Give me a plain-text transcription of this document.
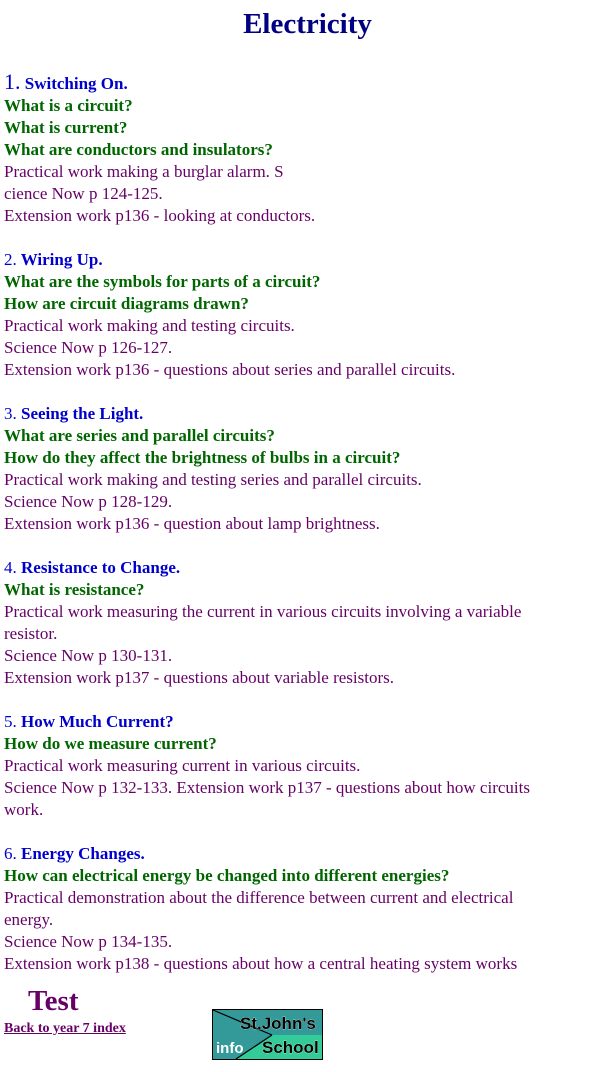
Electricity
1. Switching On.
What is a circuit?
What is current?
What are conductors and insulators?
Practical work making a burglar alarm. S
cience Now p 124-125.
Extension work p136 - looking at conductors.
2. Wiring Up.
What are the symbols for parts of a circuit?
How are circuit diagrams drawn?
Practical work making and testing circuits.
Science Now p 126-127.
Extension work p136 - questions about series and parallel circuits.
3. Seeing the Light.
What are series and parallel circuits?
How do they affect the brightness of bulbs in a circuit?
Practical work making and testing series and parallel circuits.
Science Now p 128-129.
Extension work p136 - question about lamp brightness.
4. Resistance to Change.
What is resistance?
Practical work measuring the current in various circuits involving a variable
resistor.
Science Now p 130-131.
Extension work p137 - questions about variable resistors.
5. How Much Current?
How do we measure current?
Practical work measuring current in various circuits.
Science Now p 132-133. Extension work p137 - questions about how circuits
work.
6. Energy Changes.
How can electrical energy be changed into different energies?
Practical demonstration about the difference between current and electrical
energy.
Science Now p 134-135.
Extension work p138 - questions about how a central heating system works
Test
Back to year 7 index	St.John's
School
info
